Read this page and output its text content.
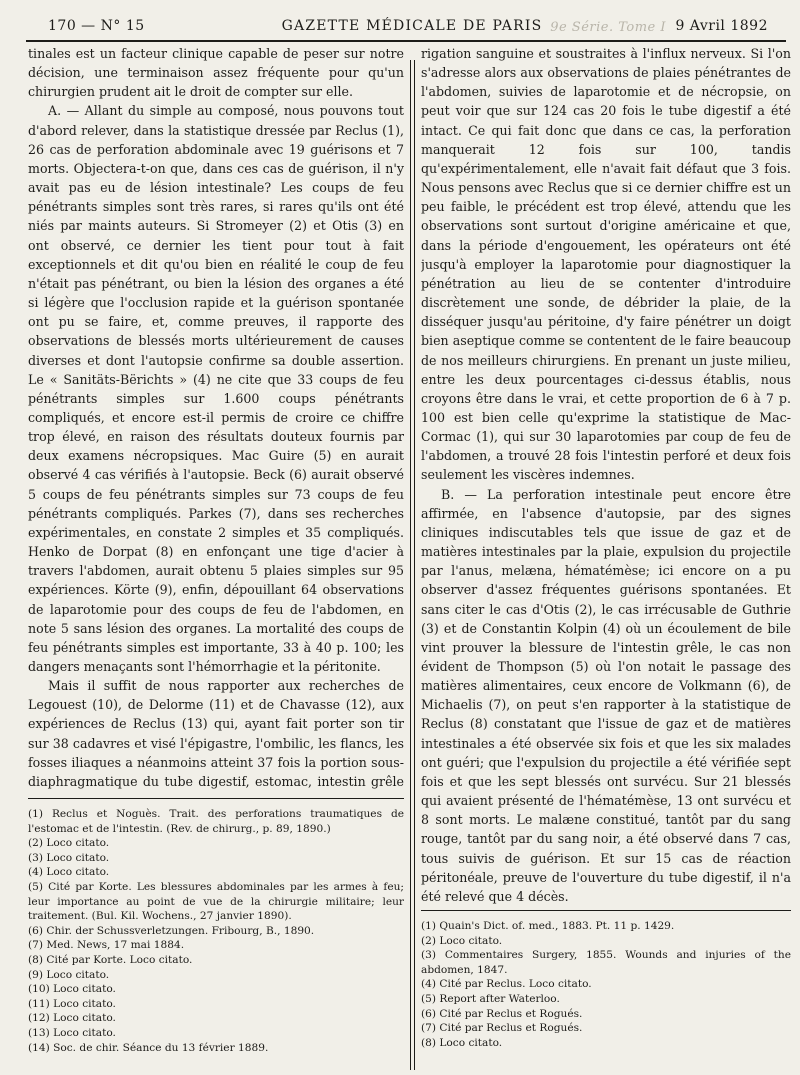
170 — N° 15	GAZETTE MÉDICALE DE PARIS 9e Série. Tome I 9 Avril 1892

tinales est un facteur clinique capable de peser sur notre décision, une terminaison assez fréquente pour qu'un chirurgien prudent ait le droit de compter sur elle.

A. — Allant du simple au composé, nous pouvons tout d'abord relever, dans la statistique dressée par Reclus (1), 26 cas de perforation abdominale avec 19 guérisons et 7 morts. Objectera-t-on que, dans ces cas de guérison, il n'y avait pas eu de lésion intestinale? Les coups de feu pénétrants simples sont très rares, si rares qu'ils ont été niés par maints auteurs. Si Stromeyer (2) et Otis (3) en ont observé, ce dernier les tient pour tout à fait exceptionnels et dit qu'ou bien en réalité le coup de feu n'était pas pénétrant, ou bien la lésion des organes a été si légère que l'occlusion rapide et la guérison spontanée ont pu se faire, et, comme preuves, il rapporte des observations de blessés morts ultérieurement de causes diverses et dont l'autopsie confirme sa double assertion. Le « Sanitäts-Bërichts » (4) ne cite que 33 coups de feu pénétrants simples sur 1.600 coups pénétrants compliqués, et encore est-il permis de croire ce chiffre trop élevé, en raison des résultats douteux fournis par deux examens nécropsiques. Mac Guire (5) en aurait observé 4 cas vérifiés à l'autopsie. Beck (6) aurait observé 5 coups de feu pénétrants simples sur 73 coups de feu pénétrants compliqués. Parkes (7), dans ses recherches expérimentales, en constate 2 simples et 35 compliqués. Henko de Dorpat (8) en enfonçant une tige d'acier à travers l'abdomen, aurait obtenu 5 plaies simples sur 95 expériences. Körte (9), enfin, dépouillant 64 observations de laparotomie pour des coups de feu de l'abdomen, en note 5 sans lésion des organes. La mortalité des coups de feu pénétrants simples est importante, 33 à 40 p. 100; les dangers menaçants sont l'hémorrhagie et la péritonite.

Mais il suffit de nous rapporter aux recherches de Legouest (10), de Delorme (11) et de Chavasse (12), aux expériences de Reclus (13) qui, ayant fait porter son tir sur 38 cadavres et visé l'épigastre, l'ombilic, les flancs, les fosses iliaques a néanmoins atteint 37 fois la portion sous-diaphragmatique du tube digestif, estomac, intestin grêle

(1) Reclus et Noguès. Trait. des perforations traumatiques de l'estomac et de l'intestin. (Rev. de chirurg., p. 89, 1890.)

(2) Loco citato.

(3) Loco citato.

(4) Loco citato.

(5) Cité par Korte. Les blessures abdominales par les armes à feu; leur importance au point de vue de la chirurgie militaire; leur traitement. (Bul. Kil. Wochens., 27 janvier 1890).

(6) Chir. der Schussverletzungen. Fribourg, B., 1890.

(7) Med. News, 17 mai 1884.

(8) Cité par Korte. Loco citato.

(9) Loco citato.

(10) Loco citato.

(11) Loco citato.

(12) Loco citato.

(13) Loco citato.

(14) Soc. de chir. Séance du 13 février 1889.

rigation sanguine et soustraites à l'influx nerveux. Si l'on s'adresse alors aux observations de plaies pénétrantes de l'abdomen, suivies de laparotomie et de nécropsie, on peut voir que sur 124 cas 20 fois le tube digestif a été intact. Ce qui fait donc que dans ce cas, la perforation manquerait 12 fois sur 100, tandis qu'expérimentalement, elle n'avait fait défaut que 3 fois. Nous pensons avec Reclus que si ce dernier chiffre est un peu faible, le précédent est trop élevé, attendu que les observations sont surtout d'origine américaine et que, dans la période d'engouement, les opérateurs ont été jusqu'à employer la laparotomie pour diagnostiquer la pénétration au lieu de se contenter d'introduire discrètement une sonde, de débrider la plaie, de la disséquer jusqu'au péritoine, d'y faire pénétrer un doigt bien aseptique comme se contentent de le faire beaucoup de nos meilleurs chirurgiens. En prenant un juste milieu, entre les deux pourcentages ci-dessus établis, nous croyons être dans le vrai, et cette proportion de 6 à 7 p. 100 est bien celle qu'exprime la statistique de Mac-Cormac (1), qui sur 30 laparotomies par coup de feu de l'abdomen, a trouvé 28 fois l'intestin perforé et deux fois seulement les viscères indemnes.

B. — La perforation intestinale peut encore être affirmée, en l'absence d'autopsie, par des signes cliniques indiscutables tels que issue de gaz et de matières intestinales par la plaie, expulsion du projectile par l'anus, melæna, hématémèse; ici encore on a pu observer d'assez fréquentes guérisons spontanées. Et sans citer le cas d'Otis (2), le cas irrécusable de Guthrie (3) et de Constantin Kolpin (4) où un écoulement de bile vint prouver la blessure de l'intestin grêle, le cas non évident de Thompson (5) où l'on notait le passage des matières alimentaires, ceux encore de Volkmann (6), de Michaelis (7), on peut s'en rapporter à la statistique de Reclus (8) constatant que l'issue de gaz et de matières intestinales a été observée six fois et que les six malades ont guéri; que l'expulsion du projectile a été vérifiée sept fois et que les sept blessés ont survécu. Sur 21 blessés qui avaient présenté de l'hématémèse, 13 ont survécu et 8 sont morts. Le malæne constitué, tantôt par du sang rouge, tantôt par du sang noir, a été observé dans 7 cas, tous suivis de guérison. Et sur 15 cas de réaction péritonéale, preuve de l'ouverture du tube digestif, il n'a été relevé que 4 décès.

(1) Quain's Dict. of. med., 1883. Pt. 11 p. 1429.

(2) Loco citato.

(3) Commentaires Surgery, 1855. Wounds and injuries of the abdomen, 1847.

(4) Cité par Reclus. Loco citato.

(5) Report after Waterloo.

(6) Cité par Reclus et Rogués.

(7) Cité par Reclus et Rogués.

(8) Loco citato.
